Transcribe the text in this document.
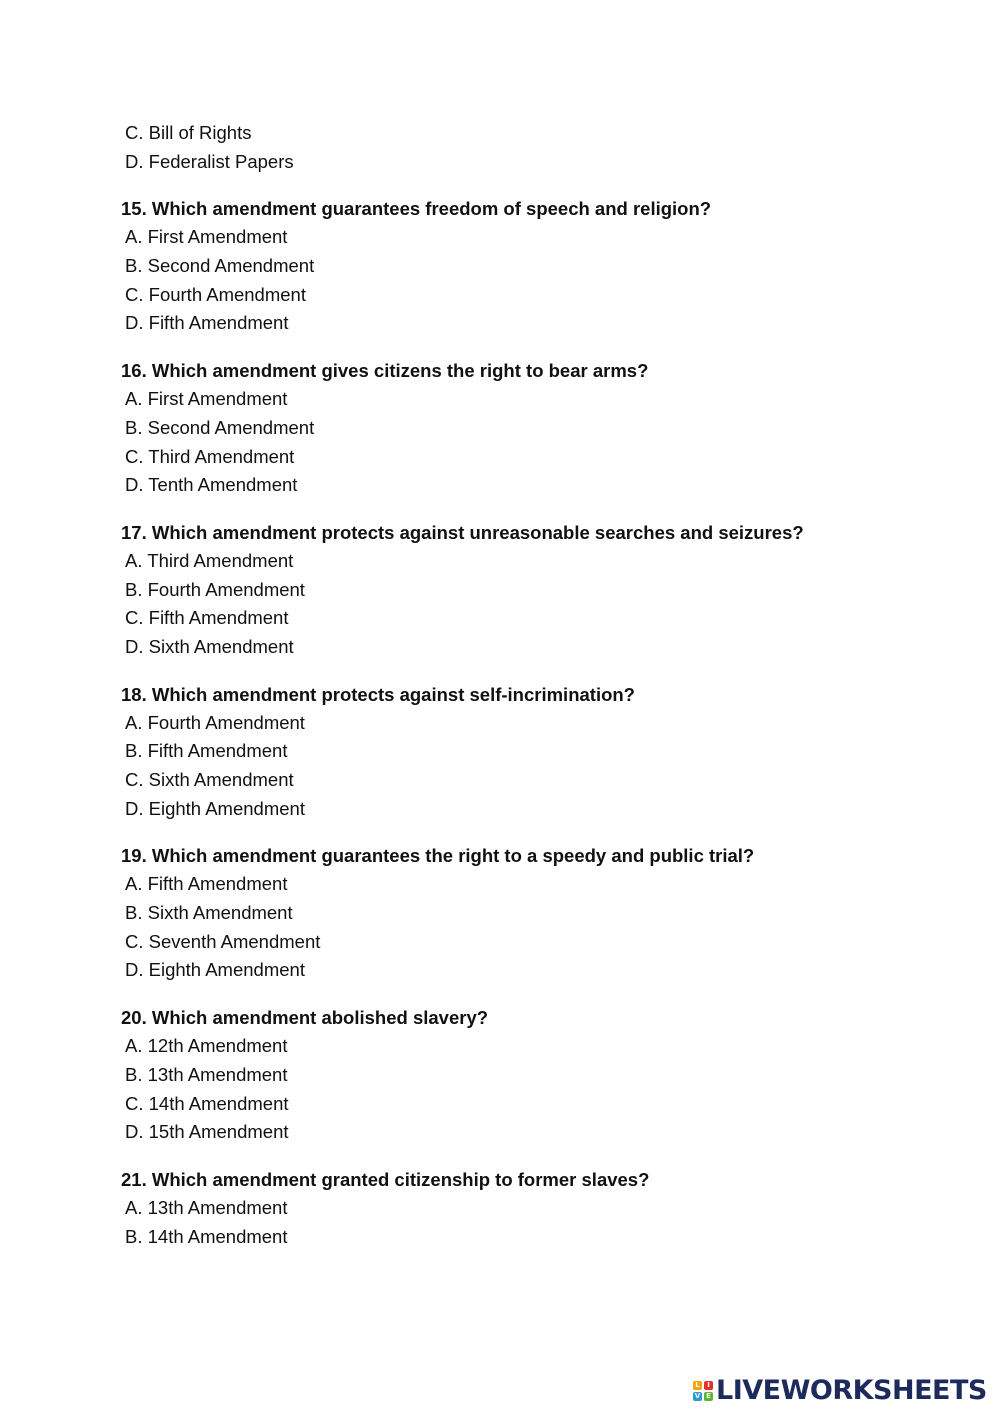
C. Bill of Rights
D. Federalist Papers
15. Which amendment guarantees freedom of speech and religion?
A. First Amendment
B. Second Amendment
C. Fourth Amendment
D. Fifth Amendment
16. Which amendment gives citizens the right to bear arms?
A. First Amendment
B. Second Amendment
C. Third Amendment
D. Tenth Amendment
17. Which amendment protects against unreasonable searches and seizures?
A. Third Amendment
B. Fourth Amendment
C. Fifth Amendment
D. Sixth Amendment
18. Which amendment protects against self-incrimination?
A. Fourth Amendment
B. Fifth Amendment
C. Sixth Amendment
D. Eighth Amendment
19. Which amendment guarantees the right to a speedy and public trial?
A. Fifth Amendment
B. Sixth Amendment
C. Seventh Amendment
D. Eighth Amendment
20. Which amendment abolished slavery?
A. 12th Amendment
B. 13th Amendment
C. 14th Amendment
D. 15th Amendment
21. Which amendment granted citizenship to former slaves?
A. 13th Amendment
B. 14th Amendment
L	I
V E LIVEWORKSHEETS
